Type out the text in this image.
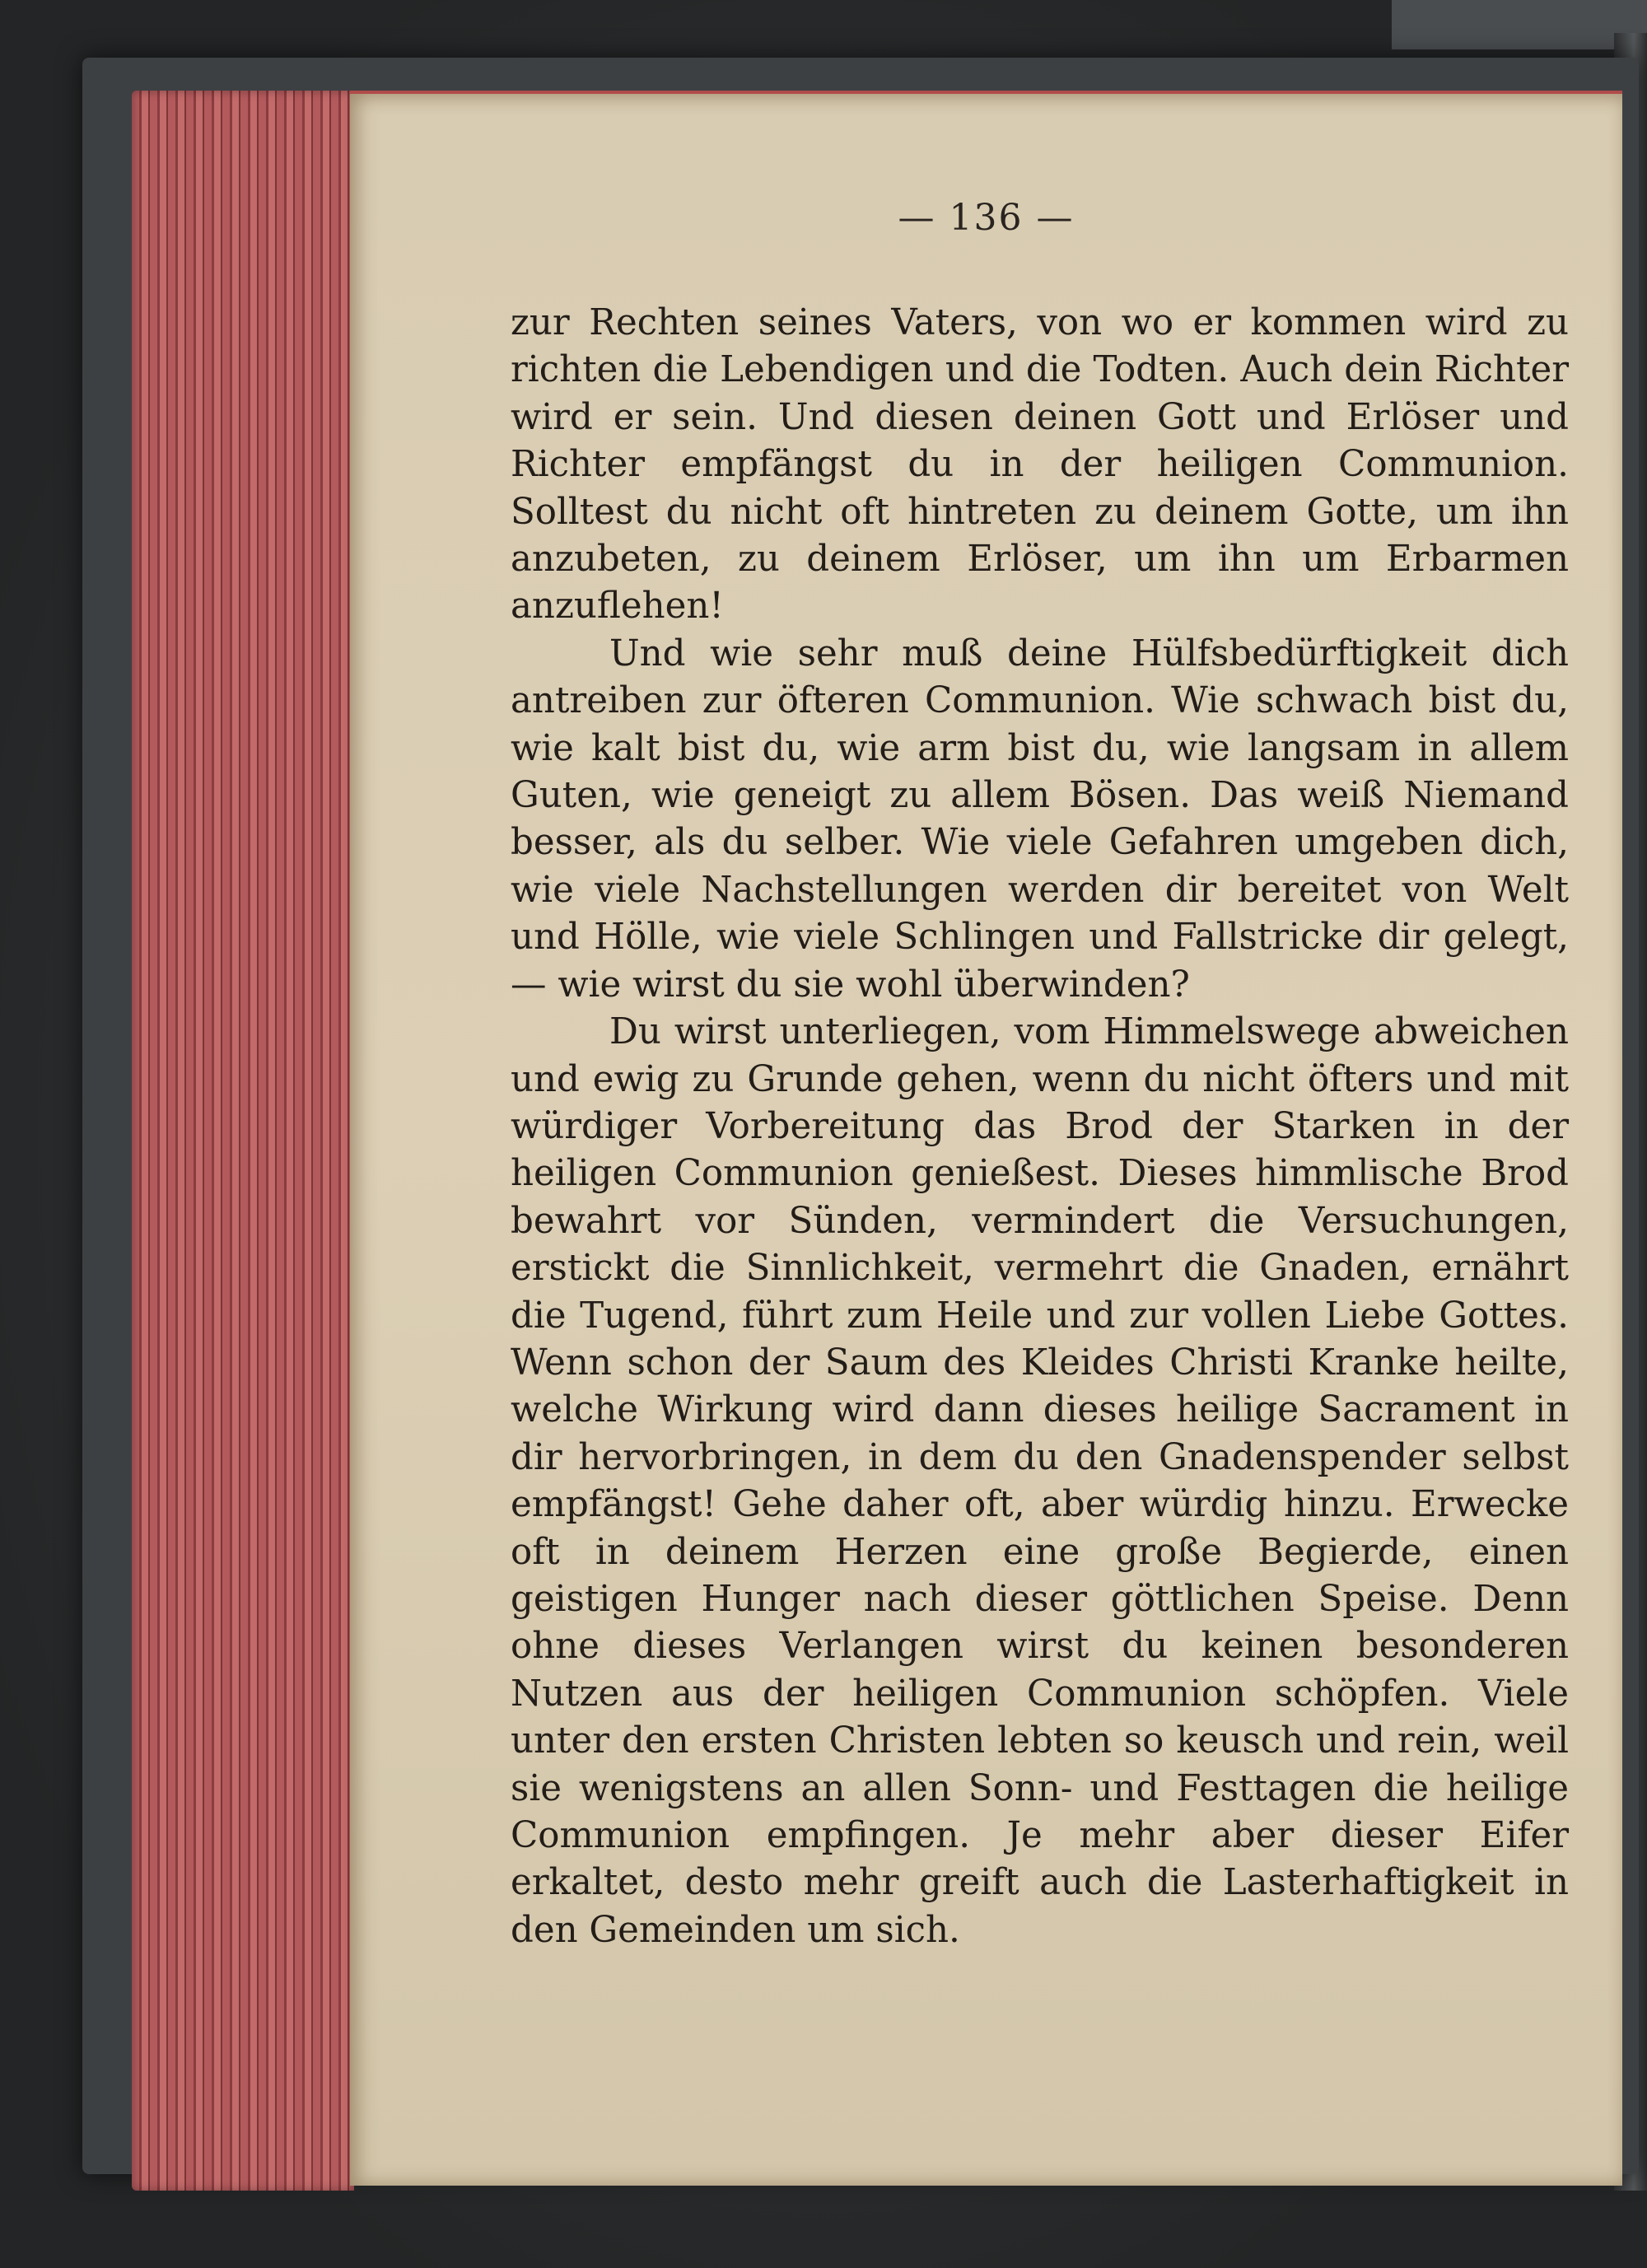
— 136 —

zur Rechten seines Vaters, von wo er kommen wird zu richten die Lebendigen und die Todten. Auch dein Richter wird er sein. Und diesen deinen Gott und Erlöser und Richter empfängst du in der heiligen Communion. Solltest du nicht oft hintreten zu deinem Gotte, um ihn anzubeten, zu deinem Erlöser, um ihn um Erbarmen anzuflehen!

Und wie sehr muß deine Hülfsbedürftigkeit dich antreiben zur öfteren Communion. Wie schwach bist du, wie kalt bist du, wie arm bist du, wie langsam in allem Guten, wie geneigt zu allem Bösen. Das weiß Niemand besser, als du selber. Wie viele Gefahren umgeben dich, wie viele Nachstellungen werden dir bereitet von Welt und Hölle, wie viele Schlingen und Fallstricke dir gelegt, — wie wirst du sie wohl überwinden?

Du wirst unterliegen, vom Himmelswege abweichen und ewig zu Grunde gehen, wenn du nicht öfters und mit würdiger Vorbereitung das Brod der Starken in der heiligen Communion genießest. Dieses himmlische Brod bewahrt vor Sünden, vermindert die Versuchungen, erstickt die Sinnlichkeit, vermehrt die Gnaden, ernährt die Tugend, führt zum Heile und zur vollen Liebe Gottes. Wenn schon der Saum des Kleides Christi Kranke heilte, welche Wirkung wird dann dieses heilige Sacrament in dir hervorbringen, in dem du den Gnadenspender selbst empfängst! Gehe daher oft, aber würdig hinzu. Erwecke oft in deinem Herzen eine große Begierde, einen geistigen Hunger nach dieser göttlichen Speise. Denn ohne dieses Verlangen wirst du keinen besonderen Nutzen aus der heiligen Communion schöpfen. Viele unter den ersten Christen lebten so keusch und rein, weil sie wenigstens an allen Sonn- und Festtagen die heilige Communion empfingen. Je mehr aber dieser Eifer erkaltet, desto mehr greift auch die Lasterhaftigkeit in den Gemeinden um sich.
